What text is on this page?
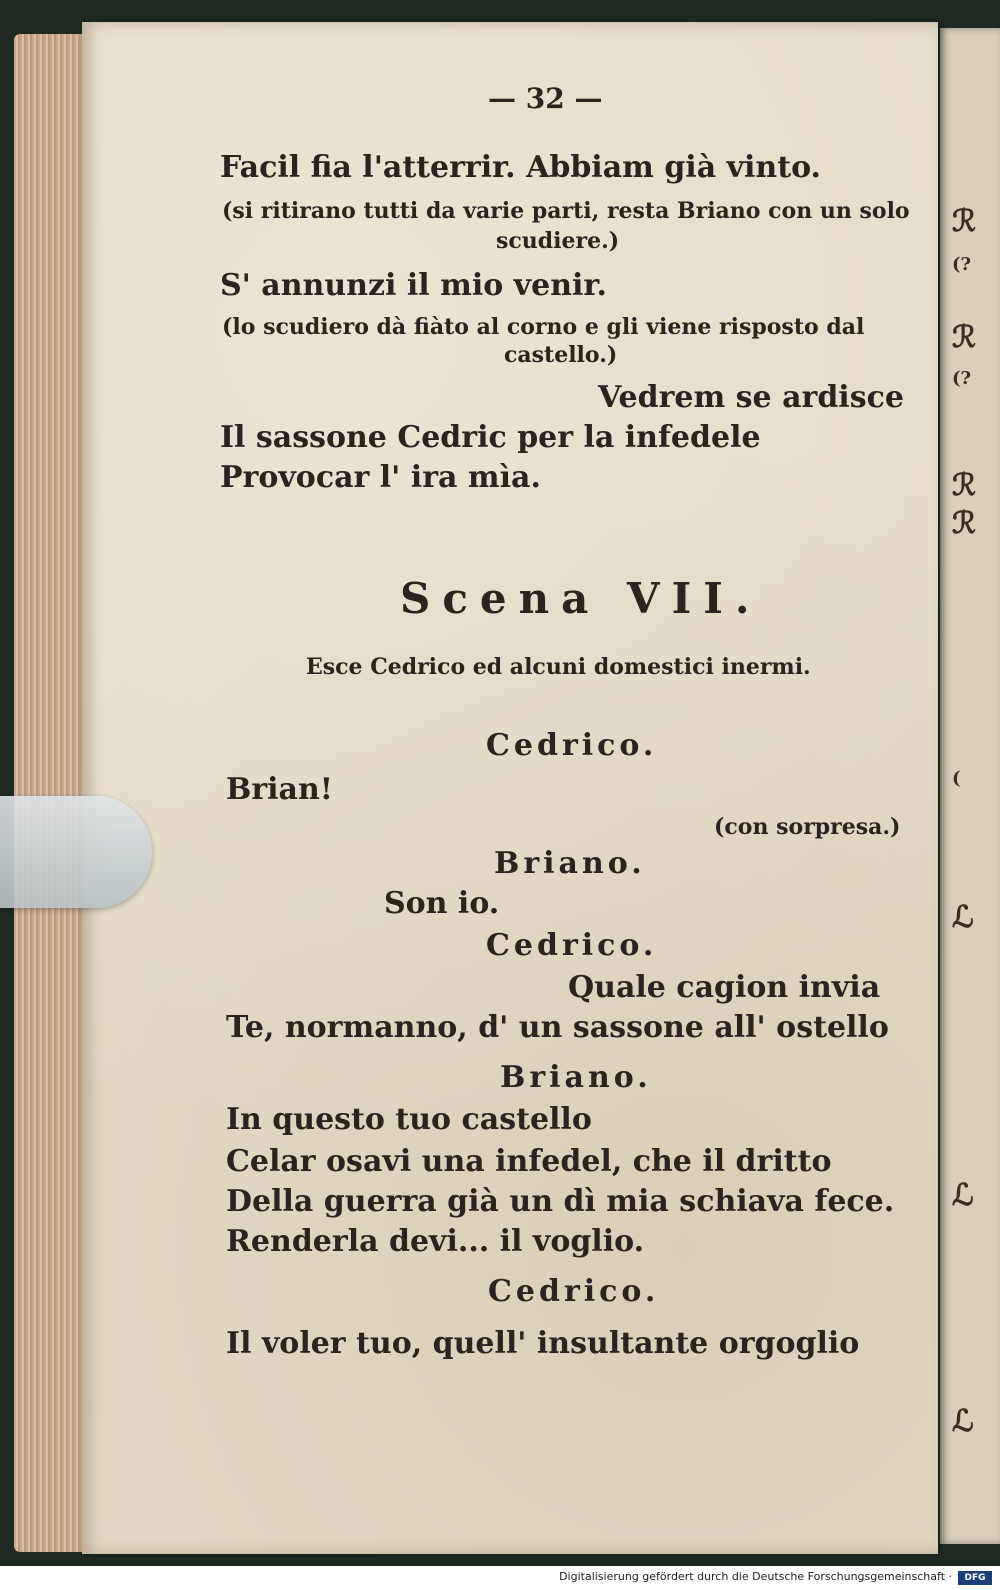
ℛ
(?
ℛ
(?
ℛ
ℛ
(
ℒ
ℒ
ℒ
— 32 —
Facil fia l'atterrir. Abbiam già vinto.
(si ritirano tutti da varie parti, resta Briano con un solo
scudiere.)
S' annunzi il mio venir.
(lo scudiero dà fiàto al corno e gli viene risposto dal
castello.)
Vedrem se ardisce
Il sassone Cedric per la infedele
Provocar l' ira mìa.
Scena VII.
Esce Cedrico ed alcuni domestici inermi.
Cedrico.
Brian!
(con sorpresa.)
Briano.
Son io.
Cedrico.
Quale cagion invia
Te, normanno, d' un sassone all' ostello
Briano.
In questo tuo castello
Celar osavi una infedel, che il dritto
Della guerra già un dì mia schiava fece.
Renderla devi... il voglio.
Cedrico.
Il voler tuo, quell' insultante orgoglio
Digitalisierung gefördert durch die Deutsche Forschungsgemeinschaft ·	DFG
